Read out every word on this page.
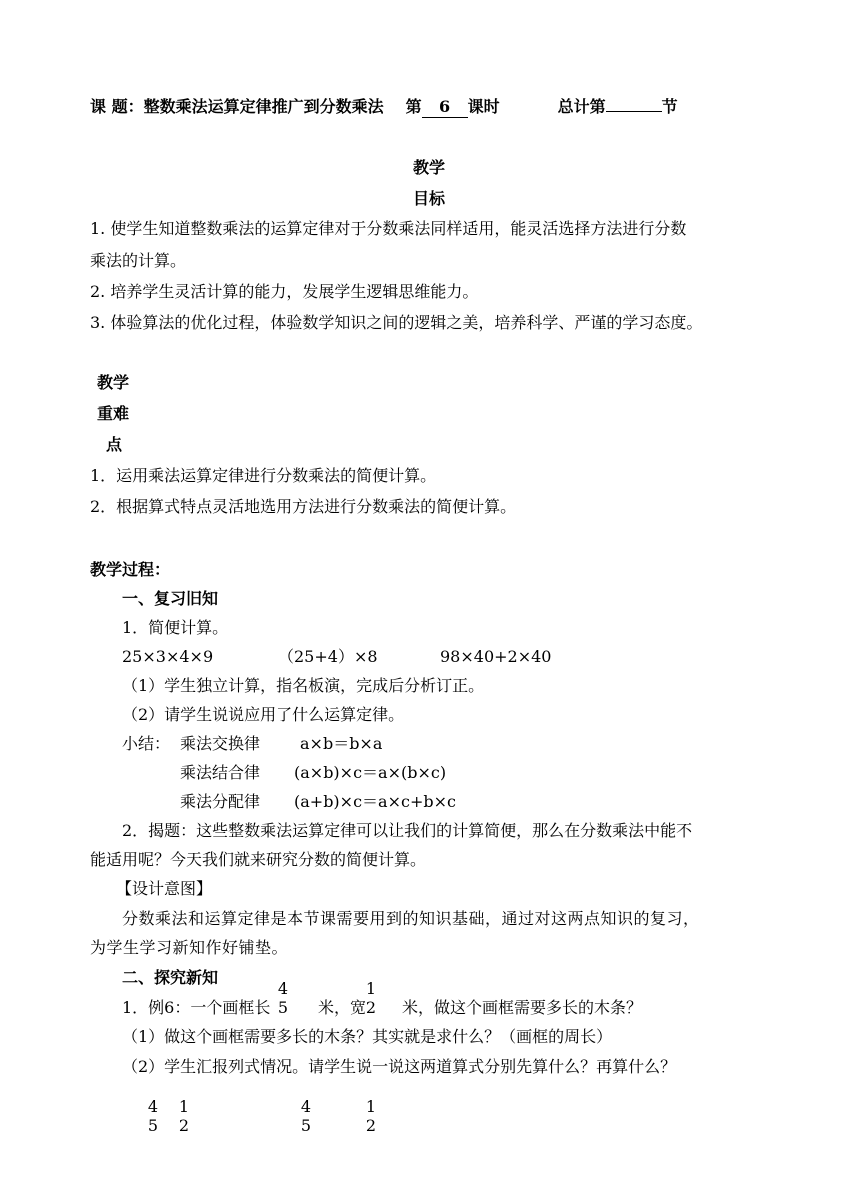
课 题：整数乘法运算定律推广到分数乘法 第 6 课时	总计第	节
教学
目标
1. 使学生知道整数乘法的运算定律对于分数乘法同样适用，能灵活选择方法进行分数
乘法的计算。
2. 培养学生灵活计算的能力，发展学生逻辑思维能力。
3. 体验算法的优化过程，体验数学知识之间的逻辑之美，培养科学、严谨的学习态度。
教学
重难
点
1．运用乘法运算定律进行分数乘法的简便计算。
2．根据算式特点灵活地选用方法进行分数乘法的简便计算。
教学过程：
一、复习旧知
1．简便计算。
25×3×4×9	（25+4）×8	98×40+2×40
（1）学生独立计算，指名板演，完成后分析订正。
（2）请学生说说应用了什么运算定律。
小结： 乘法交换律 a×b＝b×a
乘法结合律 (a×b)×c＝a×(b×c)
乘法分配律 (a+b)×c＝a×c+b×c
2．揭题：这些整数乘法运算定律可以让我们的计算简便，那么在分数乘法中能不
能适用呢？今天我们就来研究分数的简便计算。
【设计意图】
分数乘法和运算定律是本节课需要用到的知识基础，通过对这两点知识的复习，
为学生学习新知作好铺垫。
二、探究新知
1．例6：一个画框长
4
5 米，宽
1
2 米，做这个画框需要多长的木条？
（1）做这个画框需要多长的木条？其实就是求什么？（画框的周长）
（2）学生汇报列式情况。请学生说一说这两道算式分别先算什么？再算什么？
4
5
1
2
4
5
1
2
